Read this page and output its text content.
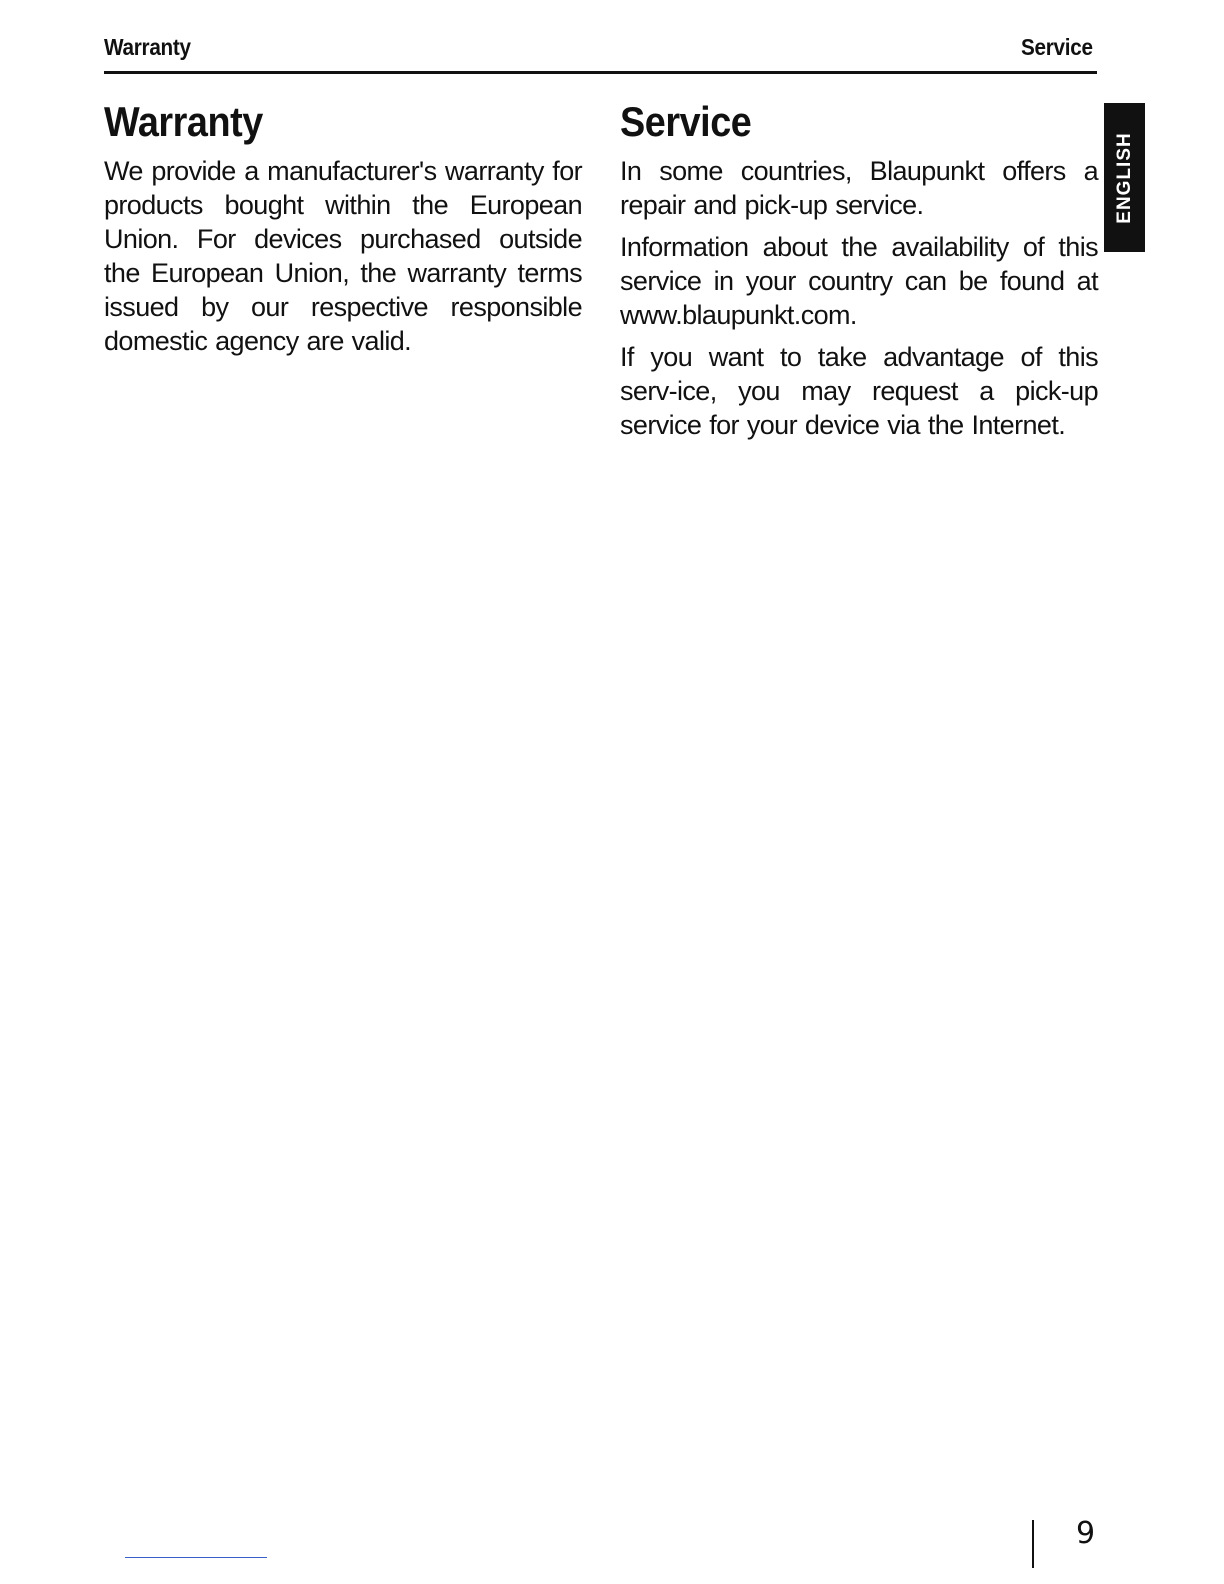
Warranty	Service
Warranty

We provide a manufacturer's warranty for products bought within the European Union. For devices purchased outside the European Union, the warranty terms issued by our respective responsible domestic agency are valid.

Service

In some countries, Blaupunkt offers a repair and pick-up service.

Information about the availability of this service in your country can be found at www.blaupunkt.com.

If you want to take advantage of this serv-ice, you may request a pick-up service for your device via the Internet.

ENGLISH
9
